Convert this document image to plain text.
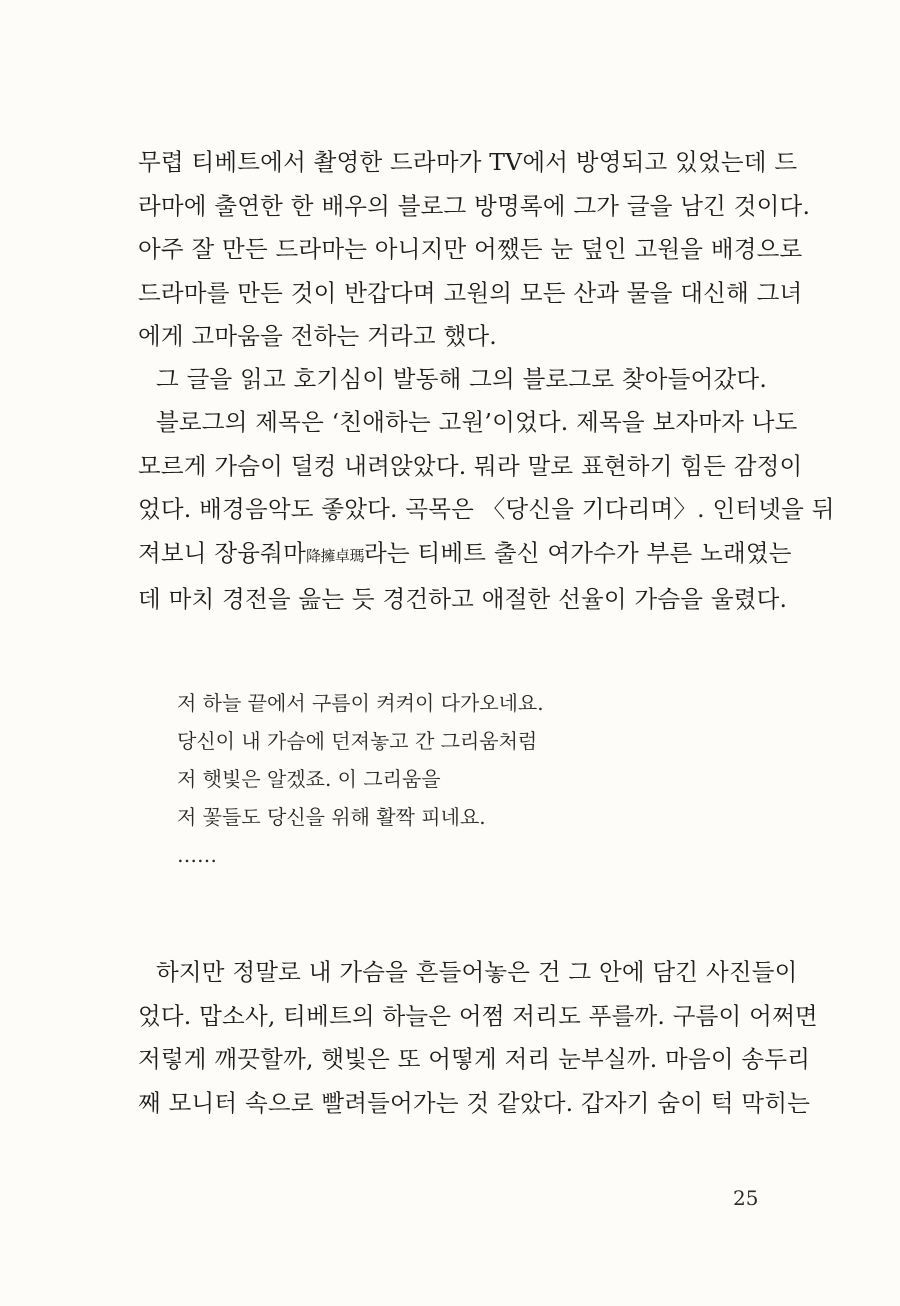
무렵 티베트에서 촬영한 드라마가 TV에서 방영되고 있었는데 드
라마에 출연한 한 배우의 블로그 방명록에 그가 글을 남긴 것이다.
아주 잘 만든 드라마는 아니지만 어쨌든 눈 덮인 고원을 배경으로
드라마를 만든 것이 반갑다며 고원의 모든 산과 물을 대신해 그녀
에게 고마움을 전하는 거라고 했다.

그 글을 읽고 호기심이 발동해 그의 블로그로 찾아들어갔다.

블로그의 제목은 ‘친애하는 고원’이었다. 제목을 보자마자 나도
모르게 가슴이 덜컹 내려앉았다. 뭐라 말로 표현하기 힘든 감정이
었다. 배경음악도 좋았다. 곡목은 〈당신을 기다리며〉. 인터넷을 뒤
져보니 장융줘마降擁卓瑪라는 티베트 출신 여가수가 부른 노래였는
데 마치 경전을 읊는 듯 경건하고 애절한 선율이 가슴을 울렸다.

저 하늘 끝에서 구름이 켜켜이 다가오네요.
당신이 내 가슴에 던져놓고 간 그리움처럼
저 햇빛은 알겠죠. 이 그리움을
저 꽃들도 당신을 위해 활짝 피네요.
……

하지만 정말로 내 가슴을 흔들어놓은 건 그 안에 담긴 사진들이
었다. 맙소사, 티베트의 하늘은 어쩜 저리도 푸를까. 구름이 어쩌면
저렇게 깨끗할까, 햇빛은 또 어떻게 저리 눈부실까. 마음이 송두리
째 모니터 속으로 빨려들어가는 것 같았다. 갑자기 숨이 턱 막히는

25
